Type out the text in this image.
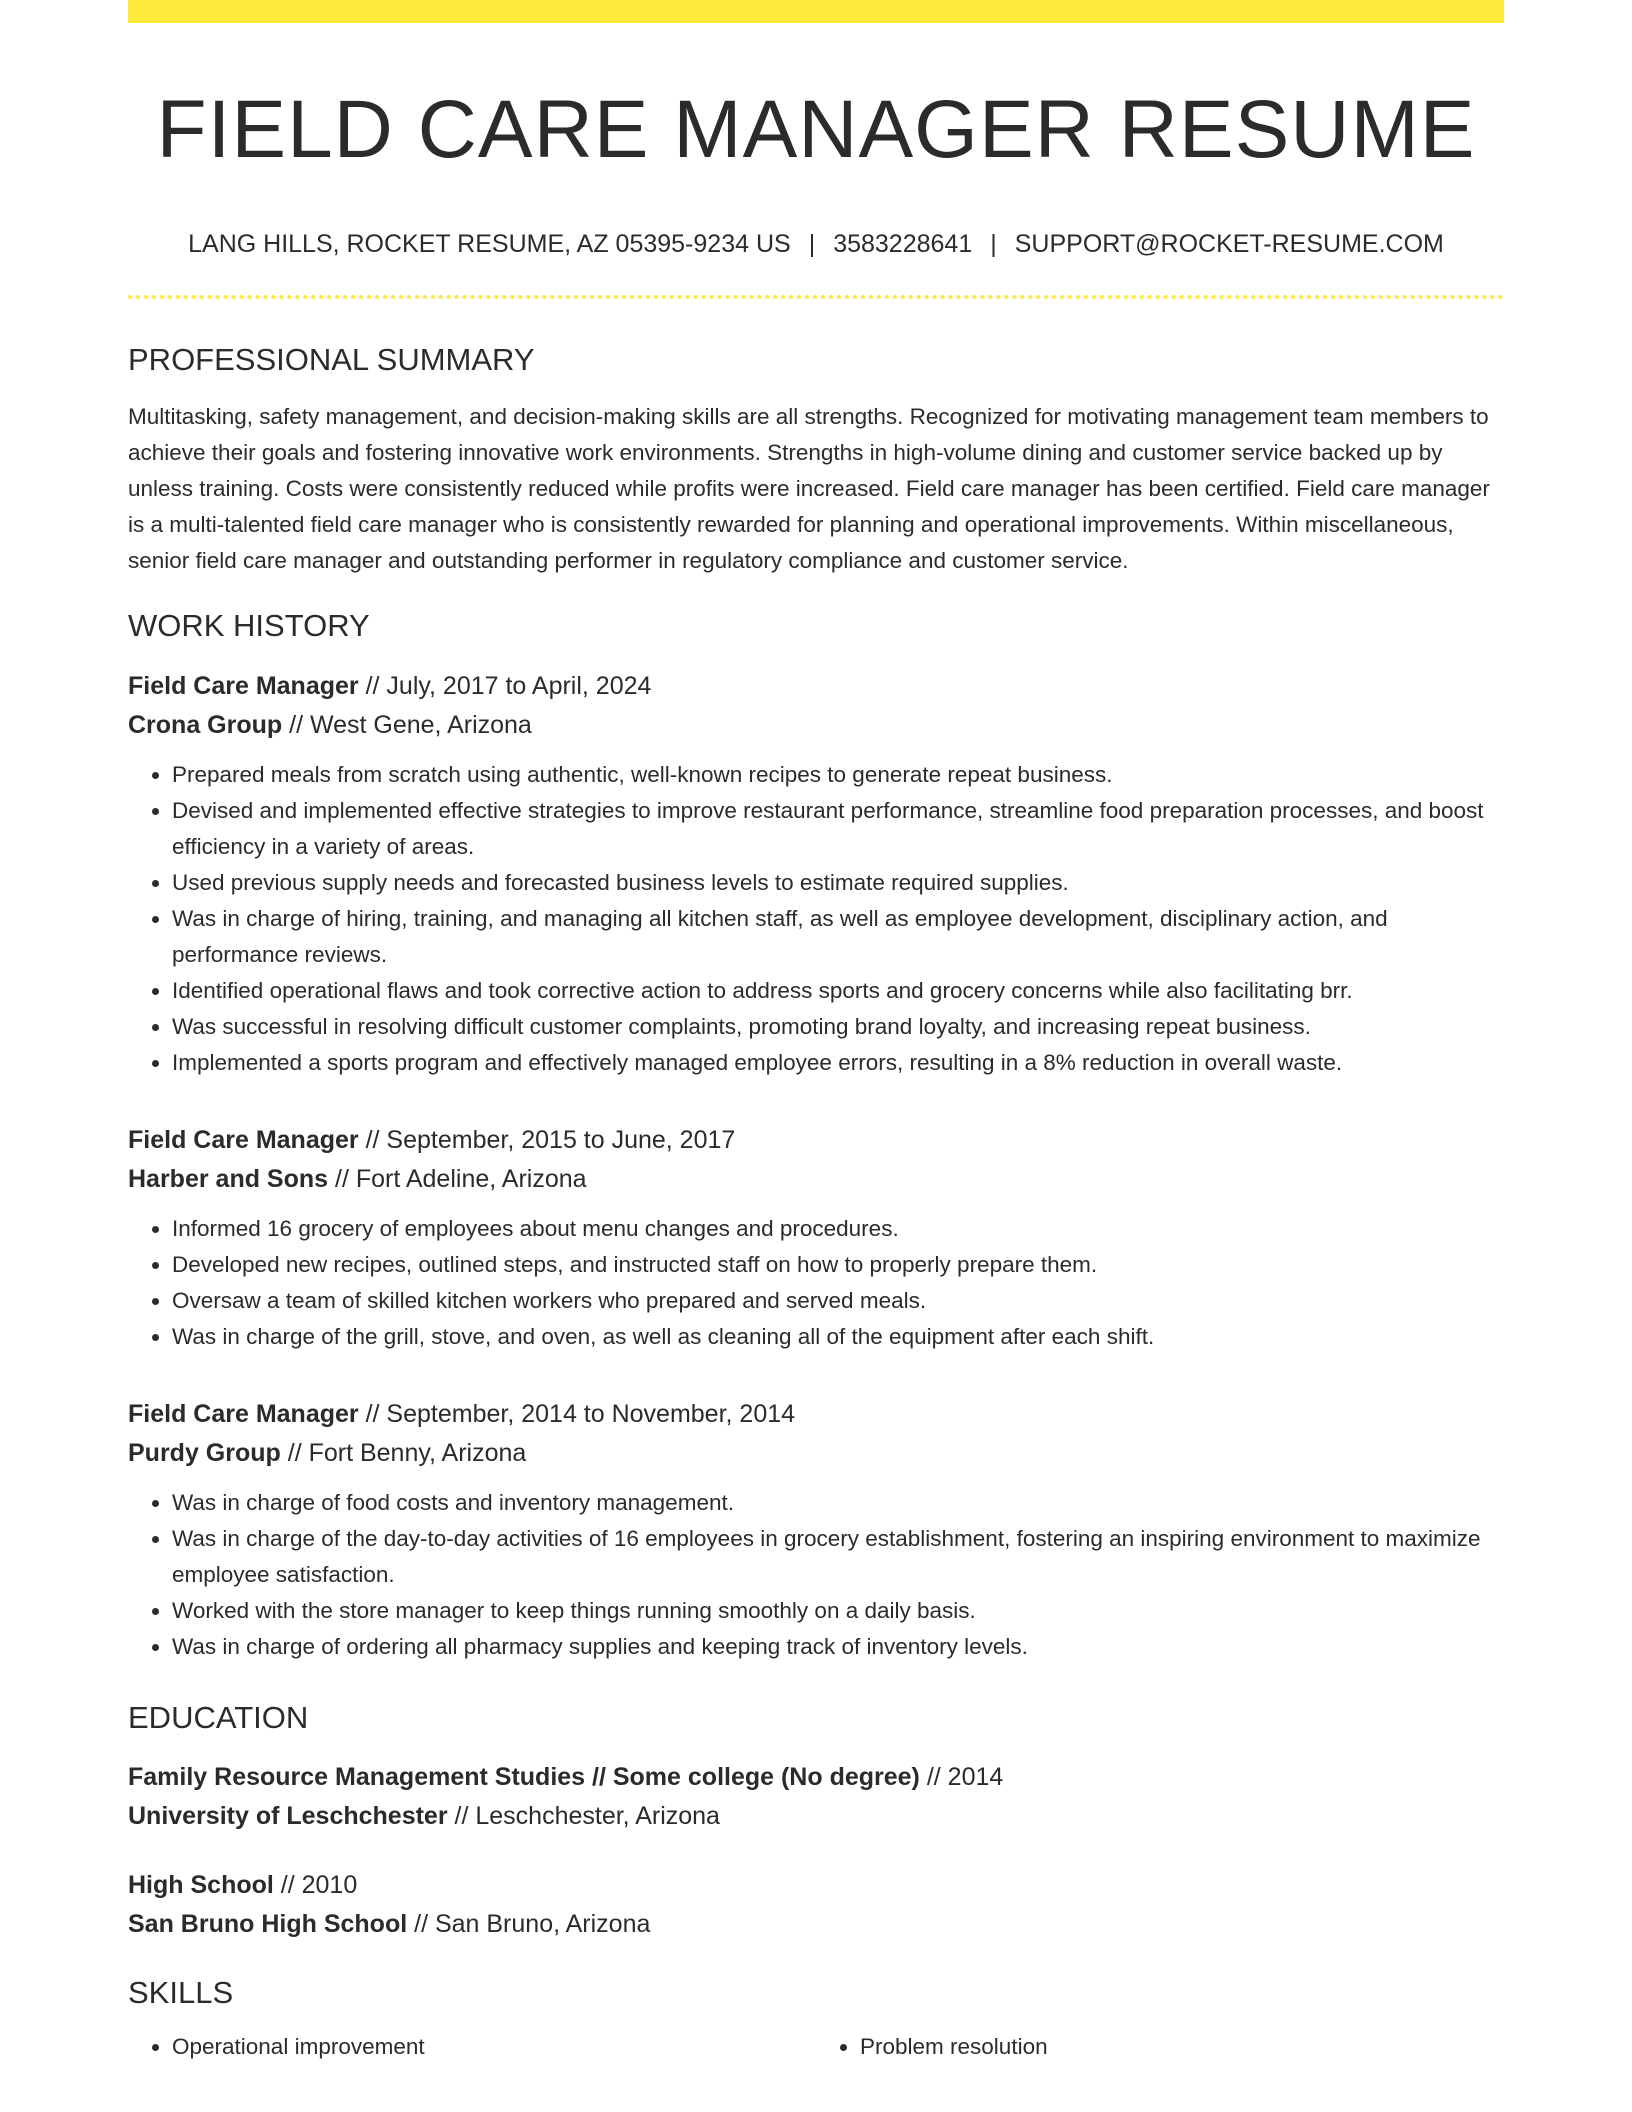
FIELD CARE MANAGER RESUME
LANG HILLS, ROCKET RESUME, AZ 05395-9234 US | 3583228641 | SUPPORT@ROCKET-RESUME.COM
PROFESSIONAL SUMMARY

Multitasking, safety management, and decision-making skills are all strengths. Recognized for motivating management team members to achieve their goals and fostering innovative work environments. Strengths in high-volume dining and customer service backed up by unless training. Costs were consistently reduced while profits were increased. Field care manager has been certified. Field care manager is a multi-talented field care manager who is consistently rewarded for planning and operational improvements. Within miscellaneous, senior field care manager and outstanding performer in regulatory compliance and customer service.

WORK HISTORY
Field Care Manager // July, 2017 to April, 2024
Crona Group // West Gene, Arizona
• Prepared meals from scratch using authentic, well-known recipes to generate repeat business.
• Devised and implemented effective strategies to improve restaurant performance, streamline food preparation processes, and boost efficiency in a variety of areas.
• Used previous supply needs and forecasted business levels to estimate required supplies.
• Was in charge of hiring, training, and managing all kitchen staff, as well as employee development, disciplinary action, and performance reviews.
• Identified operational flaws and took corrective action to address sports and grocery concerns while also facilitating brr.
• Was successful in resolving difficult customer complaints, promoting brand loyalty, and increasing repeat business.
• Implemented a sports program and effectively managed employee errors, resulting in a 8% reduction in overall waste.
Field Care Manager // September, 2015 to June, 2017
Harber and Sons // Fort Adeline, Arizona
• Informed 16 grocery of employees about menu changes and procedures.
• Developed new recipes, outlined steps, and instructed staff on how to properly prepare them.
• Oversaw a team of skilled kitchen workers who prepared and served meals.
• Was in charge of the grill, stove, and oven, as well as cleaning all of the equipment after each shift.
Field Care Manager // September, 2014 to November, 2014
Purdy Group // Fort Benny, Arizona
• Was in charge of food costs and inventory management.
• Was in charge of the day-to-day activities of 16 employees in grocery establishment, fostering an inspiring environment to maximize employee satisfaction.
• Worked with the store manager to keep things running smoothly on a daily basis.
• Was in charge of ordering all pharmacy supplies and keeping track of inventory levels.
EDUCATION
Family Resource Management Studies // Some college (No degree) // 2014
University of Leschchester // Leschchester, Arizona
High School // 2010
San Bruno High School // San Bruno, Arizona
SKILLS
• Operational improvement
•	Problem resolution
